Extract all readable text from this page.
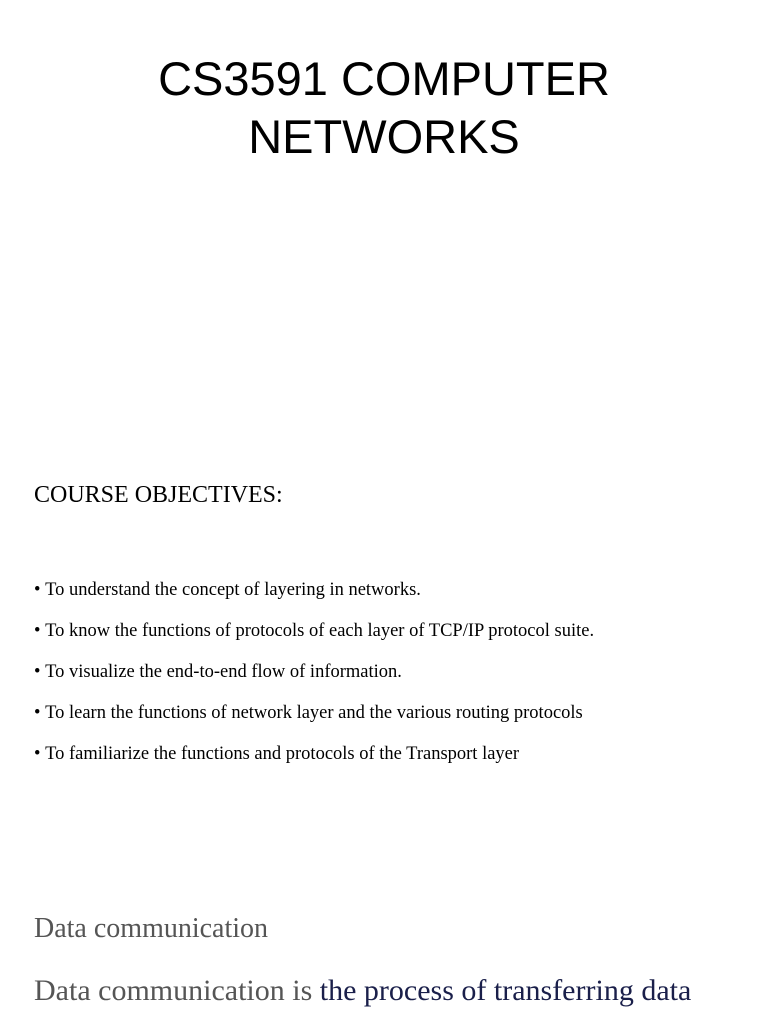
CS3591 COMPUTER
NETWORKS
COURSE OBJECTIVES:
• To understand the concept of layering in networks.
• To know the functions of protocols of each layer of TCP/IP protocol suite.
• To visualize the end-to-end flow of information.
• To learn the functions of network layer and the various routing protocols
• To familiarize the functions and protocols of the Transport layer
Data communication
Data communication is the process of transferring data
